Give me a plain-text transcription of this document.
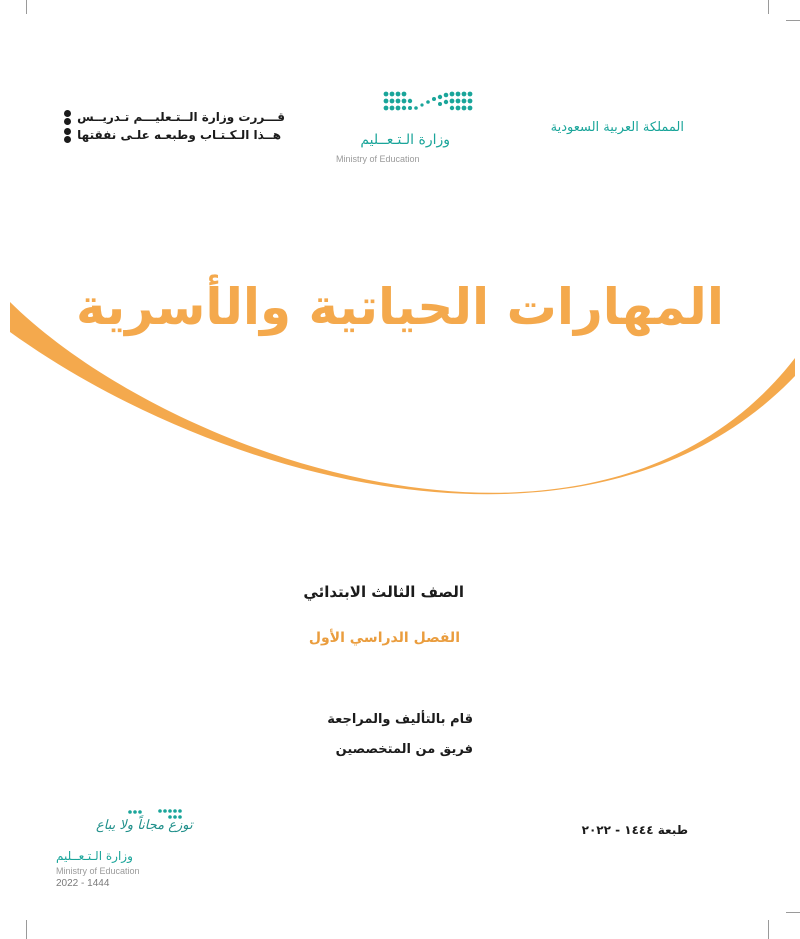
قـــررت وزارة الــتـعليـــم تـدريــس
هــذا الـكـتـاب وطبعـه علـى نفقتها	وزارة الـتـعــليم
Ministry of Education
المملكة العربية السعودية
المهارات الحياتية والأسرية
الصف الثالث الابتدائي
الفصل الدراسي الأول
قام بالتأليف والمراجعة
فريق من المتخصصين
طبعة ١٤٤٤ - ٢٠٢٢
توزع مجاناً ولا يباع
وزارة الـتـعــليم
Ministry of Education
2022 - 1444
